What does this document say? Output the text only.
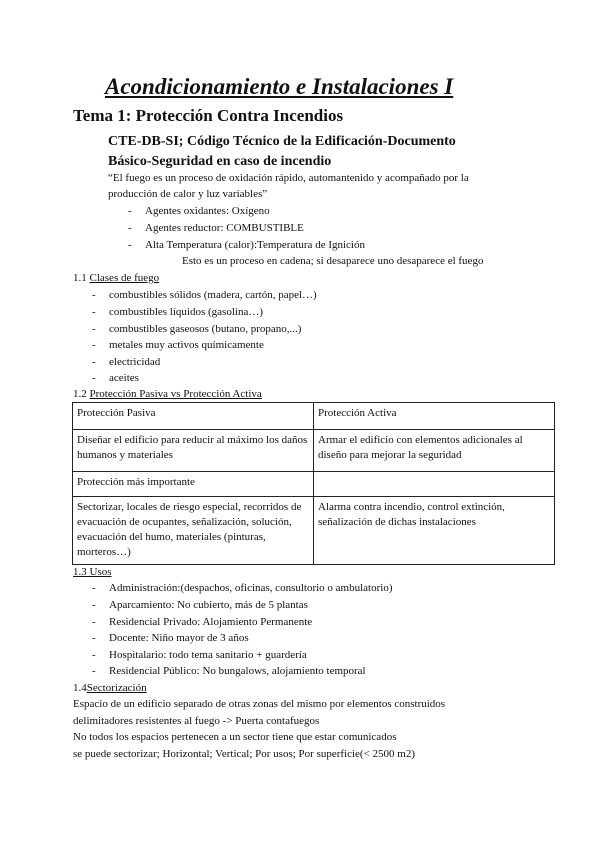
Acondicionamiento e Instalaciones I
Tema 1: Protección Contra Incendios
CTE-DB-SI; Código Técnico de la Edificación-Documento
Básico-Seguridad en caso de incendio
“El fuego es un proceso de oxidación rápido, automantenido y acompañado por la
producción de calor y luz variables”
- Agentes oxidantes: Oxígeno
- Agentes reductor: COMBUSTIBLE
- Alta Temperatura (calor):Temperatura de Ignición
Esto es un proceso en cadena; si desaparece uno desaparece el fuego
1.1 Clases de fuego
- combustibles sólidos (madera, cartón, papel…)
- combustibles líquidos (gasolina…)
- combustibles gaseosos (butano, propano,...)
- metales muy activos químicamente
- electricidad
- aceites
1.2 Protección Pasiva vs Protección Activa
Protección Pasiva	Protección Activa
Diseñar el edificio para reducir al máximo los daños humanos y materiales	Armar el edificio con elementos adicionales al diseño para mejorar la seguridad
Protección más importante	
Sectorizar, locales de riesgo especial, recorridos de evacuación de ocupantes, señalización, solución, evacuación del humo, materiales (pinturas, morteros…)	Alarma contra incendio, control extinción, señalización de dichas instalaciones
1.3 Usos
- Administración:(despachos, oficinas, consultorio o ambulatorio)
- Aparcamiento: No cubierto, más de 5 plantas
- Residencial Privado: Alojamiento Permanente
- Docente: Niño mayor de 3 años
- Hospitalario: todo tema sanitario + guardería
- Residencial Público: No bungalows, alojamiento temporal
1.4Sectorización
Espacio de un edificio separado de otras zonas del mismo por elementos construidos
delimitadores resistentes al fuego -> Puerta contafuegos
No todos los espacios pertenecen a un sector tiene que estar comunicados
se puede sectorizar; Horizontal; Vertical; Por usos; Por superficie(< 2500 m2)
